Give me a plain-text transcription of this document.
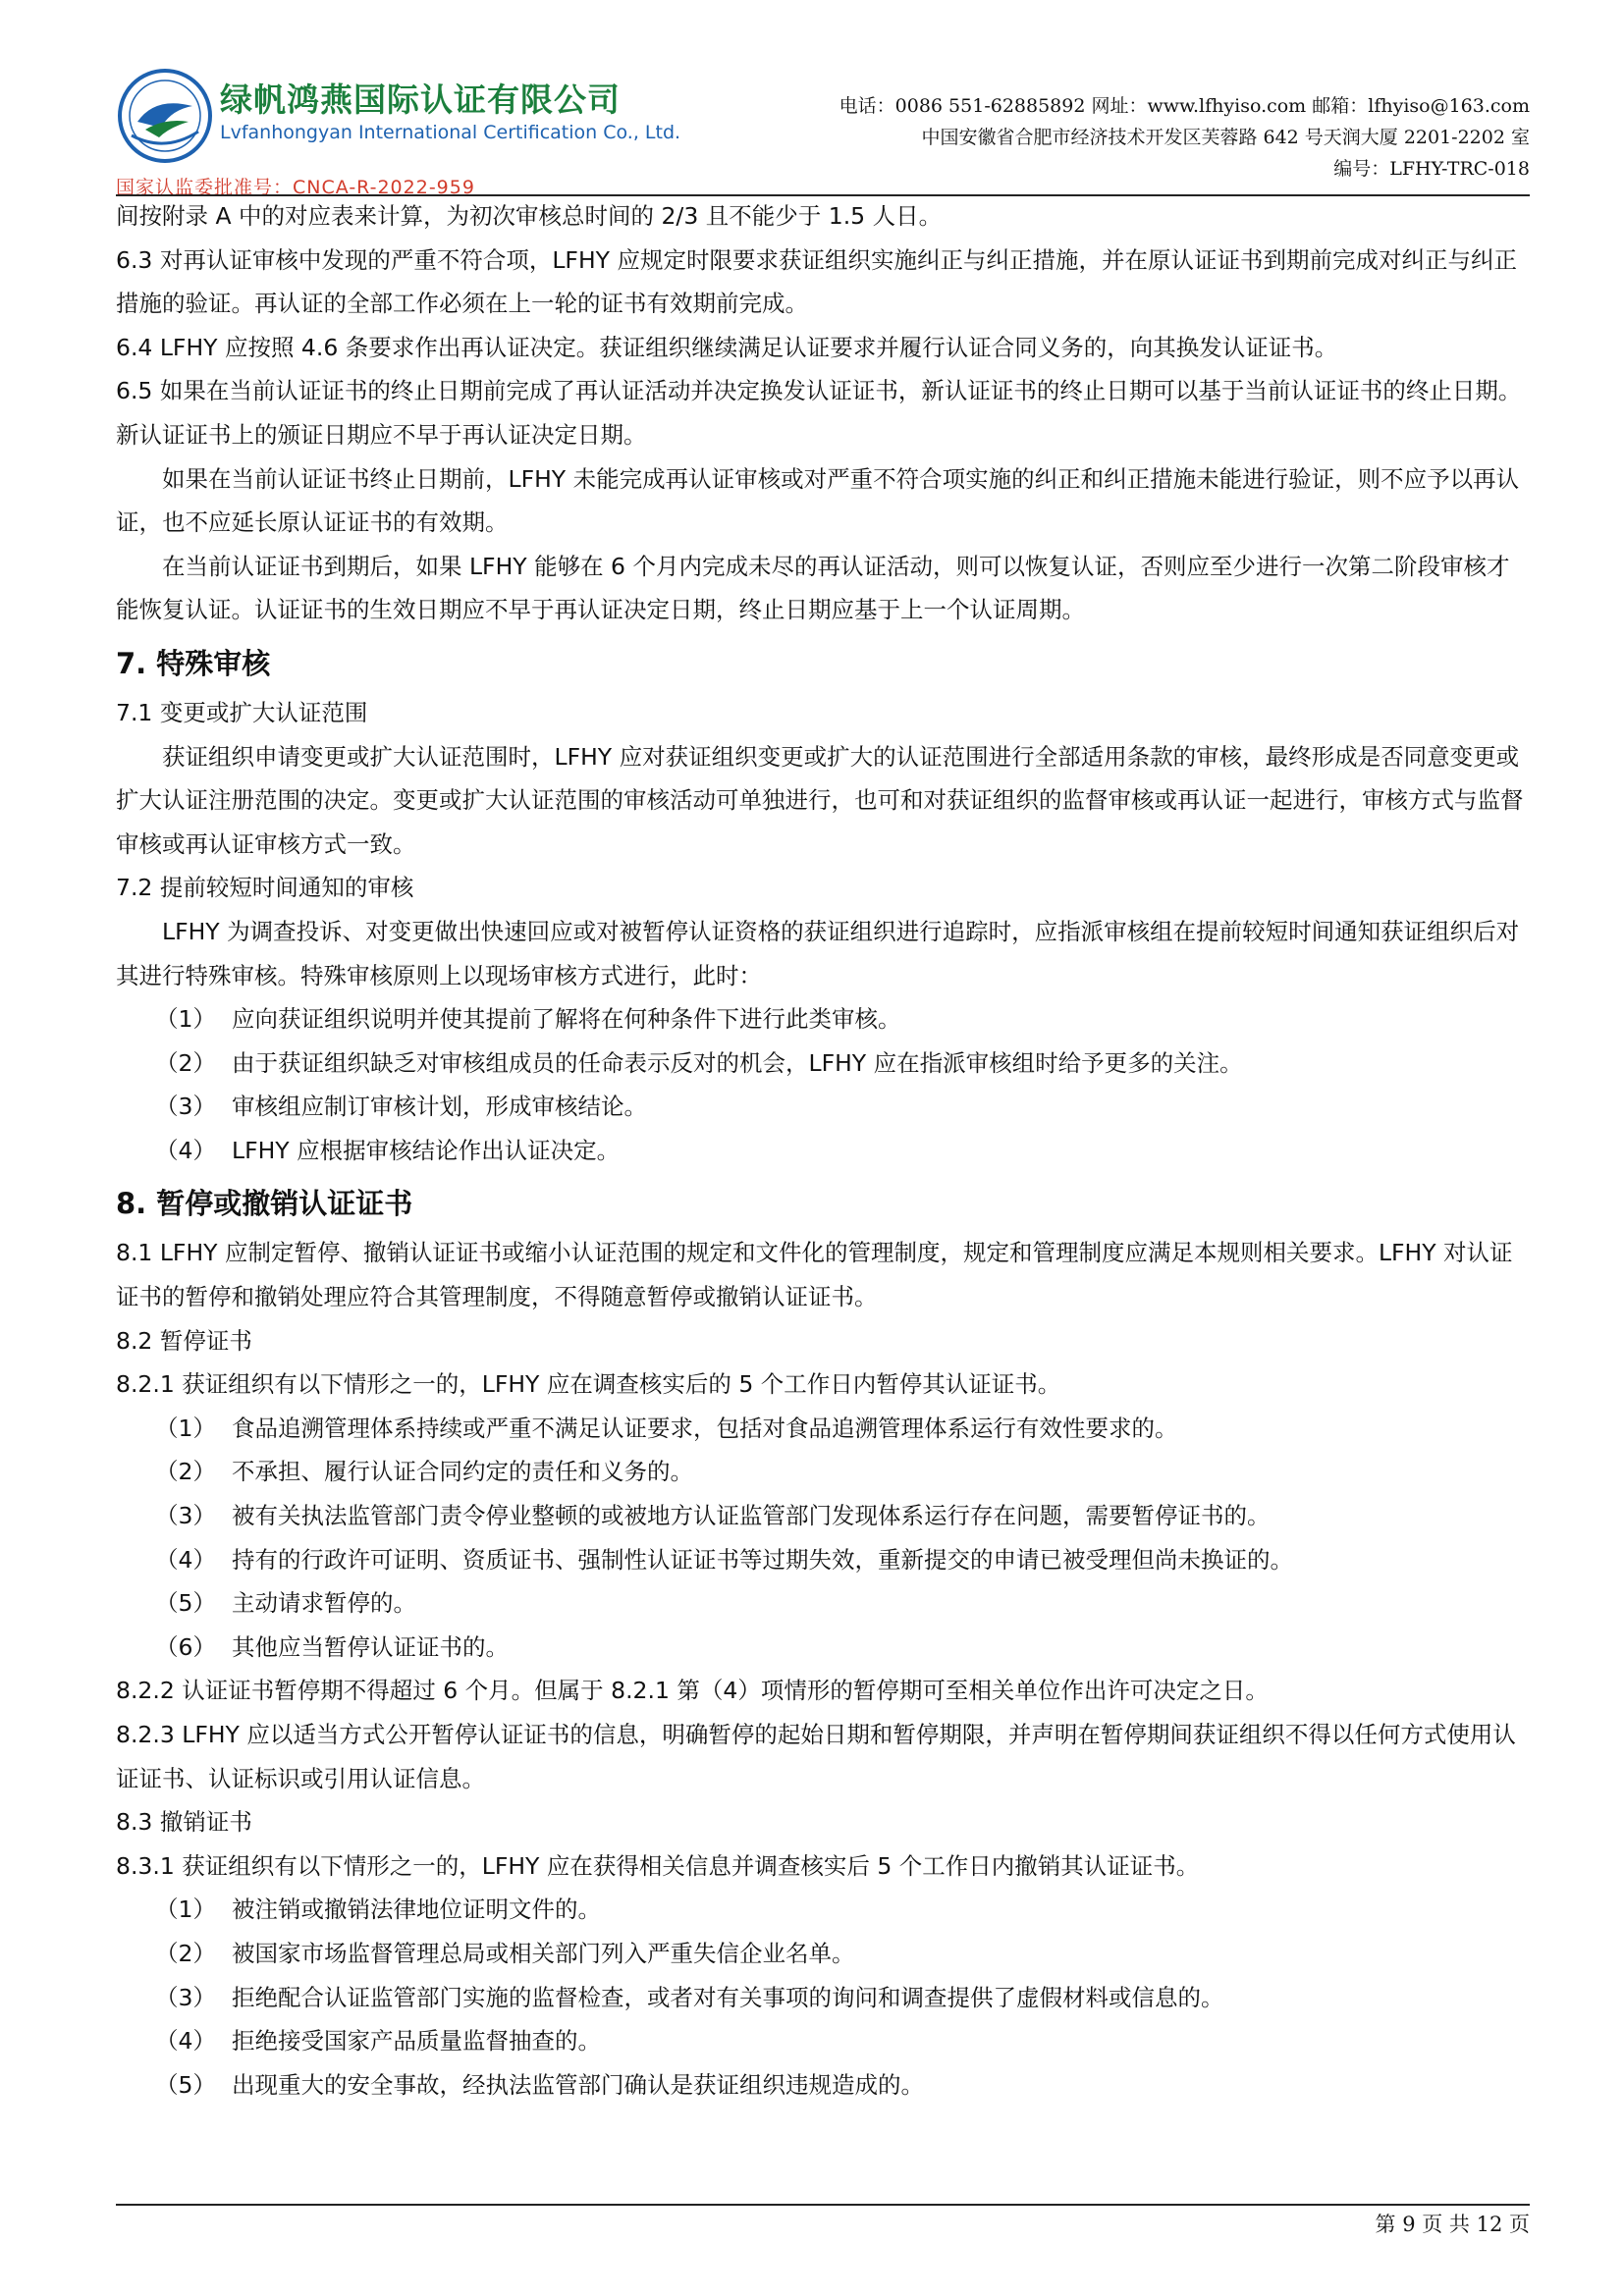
绿帆鸿燕国际认证有限公司
Lvfanhongyan International Certification Co., Ltd.
国家认监委批准号：CNCA-R-2022-959
电话：0086 551-62885892 网址：www.lfhyiso.com 邮箱：lfhyiso@163.com
中国安徽省合肥市经济技术开发区芙蓉路 642 号天润大厦 2201-2202 室
编号：LFHY-TRC-018

间按附录 A 中的对应表来计算，为初次审核总时间的 2/3 且不能少于 1.5 人日。

6.3 对再认证审核中发现的严重不符合项，LFHY 应规定时限要求获证组织实施纠正与纠正措施，并在原认证证书到期前完成对纠正与纠正措施的验证。再认证的全部工作必须在上一轮的证书有效期前完成。

6.4 LFHY 应按照 4.6 条要求作出再认证决定。获证组织继续满足认证要求并履行认证合同义务的，向其换发认证证书。

6.5 如果在当前认证证书的终止日期前完成了再认证活动并决定换发认证证书，新认证证书的终止日期可以基于当前认证证书的终止日期。新认证证书上的颁证日期应不早于再认证决定日期。

如果在当前认证证书终止日期前，LFHY 未能完成再认证审核或对严重不符合项实施的纠正和纠正措施未能进行验证，则不应予以再认证，也不应延长原认证证书的有效期。

在当前认证证书到期后，如果 LFHY 能够在 6 个月内完成未尽的再认证活动，则可以恢复认证，否则应至少进行一次第二阶段审核才能恢复认证。认证证书的生效日期应不早于再认证决定日期，终止日期应基于上一个认证周期。

7. 特殊审核

7.1 变更或扩大认证范围

获证组织申请变更或扩大认证范围时，LFHY 应对获证组织变更或扩大的认证范围进行全部适用条款的审核，最终形成是否同意变更或扩大认证注册范围的决定。变更或扩大认证范围的审核活动可单独进行，也可和对获证组织的监督审核或再认证一起进行，审核方式与监督审核或再认证审核方式一致。

7.2 提前较短时间通知的审核

LFHY 为调查投诉、对变更做出快速回应或对被暂停认证资格的获证组织进行追踪时，应指派审核组在提前较短时间通知获证组织后对其进行特殊审核。特殊审核原则上以现场审核方式进行，此时：

（1） 应向获证组织说明并使其提前了解将在何种条件下进行此类审核。
（2） 由于获证组织缺乏对审核组成员的任命表示反对的机会，LFHY 应在指派审核组时给予更多的关注。
（3） 审核组应制订审核计划，形成审核结论。
（4） LFHY 应根据审核结论作出认证决定。
8. 暂停或撤销认证证书

8.1 LFHY 应制定暂停、撤销认证证书或缩小认证范围的规定和文件化的管理制度，规定和管理制度应满足本规则相关要求。LFHY 对认证证书的暂停和撤销处理应符合其管理制度，不得随意暂停或撤销认证证书。

8.2 暂停证书

8.2.1 获证组织有以下情形之一的，LFHY 应在调查核实后的 5 个工作日内暂停其认证证书。

（1） 食品追溯管理体系持续或严重不满足认证要求，包括对食品追溯管理体系运行有效性要求的。
（2） 不承担、履行认证合同约定的责任和义务的。
（3） 被有关执法监管部门责令停业整顿的或被地方认证监管部门发现体系运行存在问题，需要暂停证书的。
（4） 持有的行政许可证明、资质证书、强制性认证证书等过期失效，重新提交的申请已被受理但尚未换证的。
（5） 主动请求暂停的。
（6） 其他应当暂停认证证书的。

8.2.2 认证证书暂停期不得超过 6 个月。但属于 8.2.1 第（4）项情形的暂停期可至相关单位作出许可决定之日。

8.2.3 LFHY 应以适当方式公开暂停认证证书的信息，明确暂停的起始日期和暂停期限，并声明在暂停期间获证组织不得以任何方式使用认证证书、认证标识或引用认证信息。

8.3 撤销证书

8.3.1 获证组织有以下情形之一的，LFHY 应在获得相关信息并调查核实后 5 个工作日内撤销其认证证书。

（1） 被注销或撤销法律地位证明文件的。
（2） 被国家市场监督管理总局或相关部门列入严重失信企业名单。
（3） 拒绝配合认证监管部门实施的监督检查，或者对有关事项的询问和调查提供了虚假材料或信息的。
（4） 拒绝接受国家产品质量监督抽查的。
（5） 出现重大的安全事故，经执法监管部门确认是获证组织违规造成的。
第 9 页 共 12 页
